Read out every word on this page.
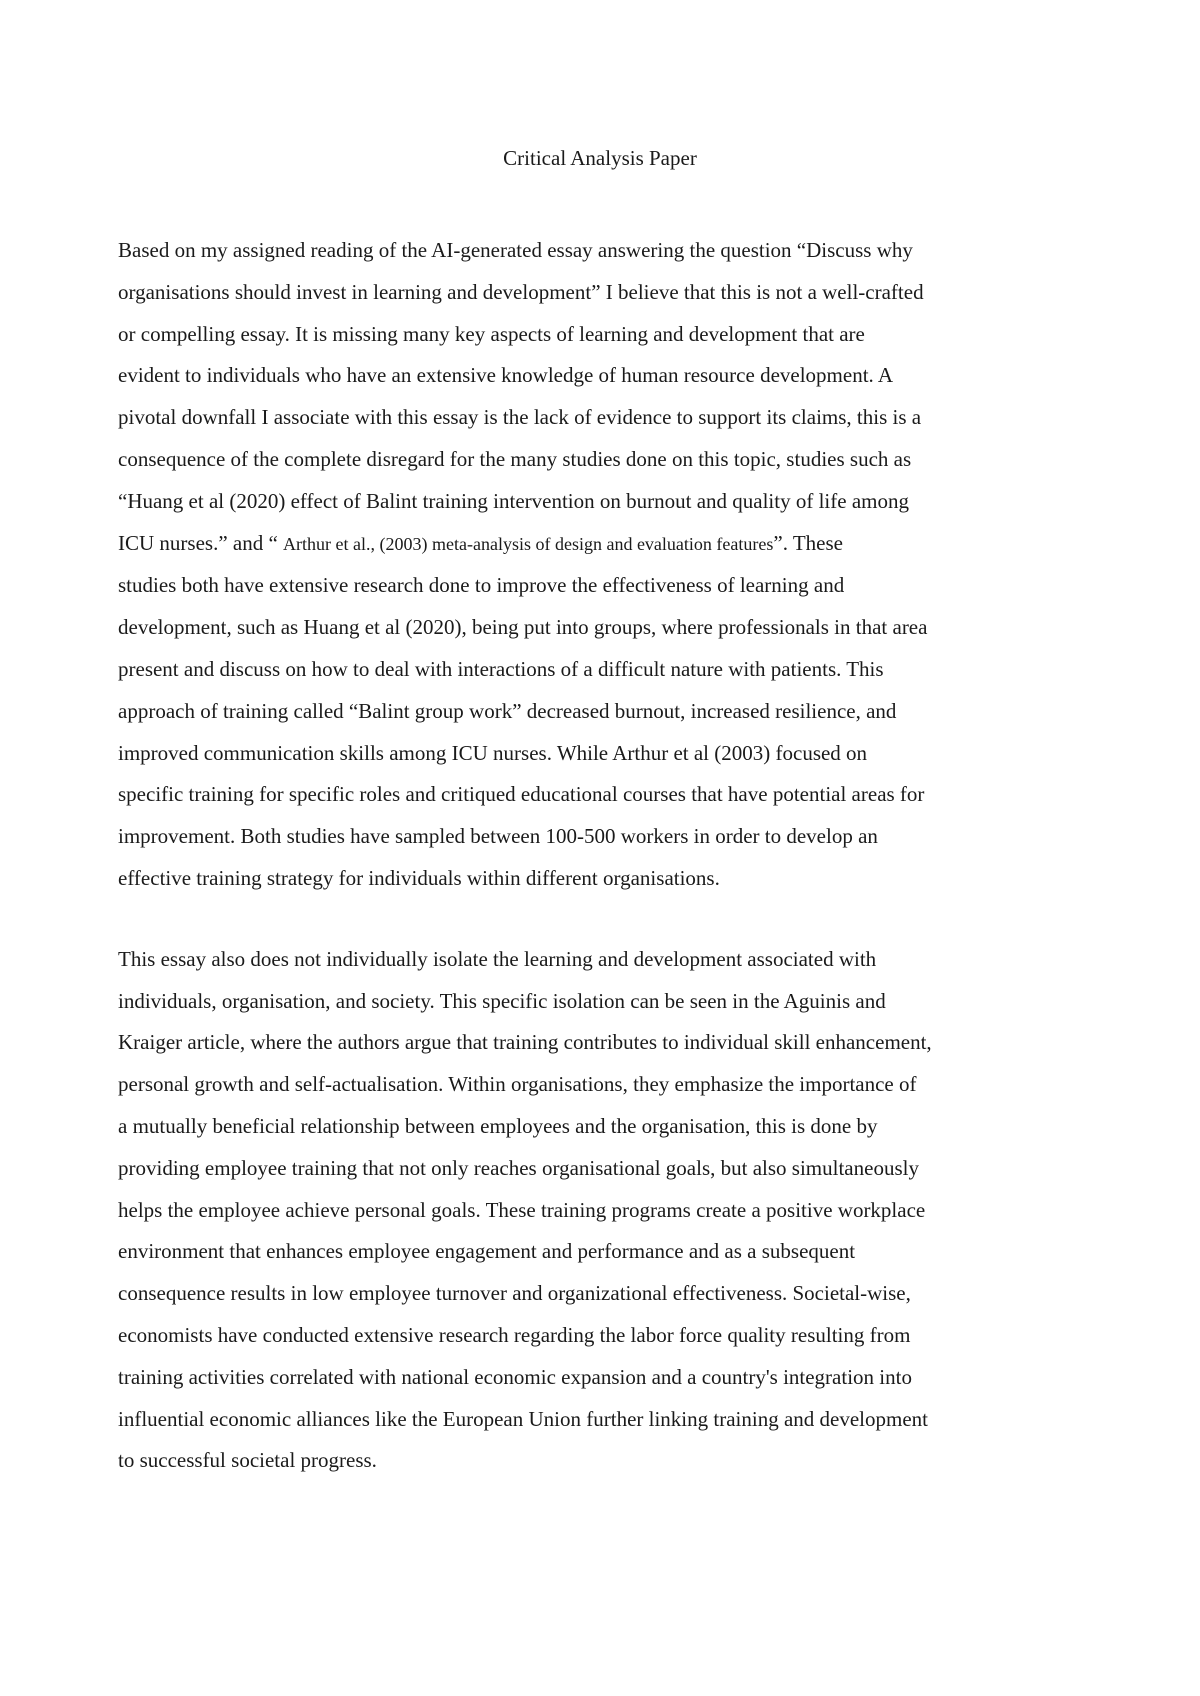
Critical Analysis Paper

Based on my assigned reading of the AI-generated essay answering the question “Discuss why
organisations should invest in learning and development” I believe that this is not a well-crafted
or compelling essay. It is missing many key aspects of learning and development that are
evident to individuals who have an extensive knowledge of human resource development. A
pivotal downfall I associate with this essay is the lack of evidence to support its claims, this is a
consequence of the complete disregard for the many studies done on this topic, studies such as
“Huang et al (2020) effect of Balint training intervention on burnout and quality of life among
ICU nurses.” and “ Arthur et al., (2003) meta-analysis of design and evaluation features”. These
studies both have extensive research done to improve the effectiveness of learning and
development, such as Huang et al (2020), being put into groups, where professionals in that area
present and discuss on how to deal with interactions of a difficult nature with patients. This
approach of training called “Balint group work” decreased burnout, increased resilience, and
improved communication skills among ICU nurses. While Arthur et al (2003) focused on
specific training for specific roles and critiqued educational courses that have potential areas for
improvement. Both studies have sampled between 100-500 workers in order to develop an
effective training strategy for individuals within different organisations.

This essay also does not individually isolate the learning and development associated with
individuals, organisation, and society. This specific isolation can be seen in the Aguinis and
Kraiger article, where the authors argue that training contributes to individual skill enhancement,
personal growth and self-actualisation. Within organisations, they emphasize the importance of
a mutually beneficial relationship between employees and the organisation, this is done by
providing employee training that not only reaches organisational goals, but also simultaneously
helps the employee achieve personal goals. These training programs create a positive workplace
environment that enhances employee engagement and performance and as a subsequent
consequence results in low employee turnover and organizational effectiveness. Societal-wise,
economists have conducted extensive research regarding the labor force quality resulting from
training activities correlated with national economic expansion and a country's integration into
influential economic alliances like the European Union further linking training and development
to successful societal progress.
